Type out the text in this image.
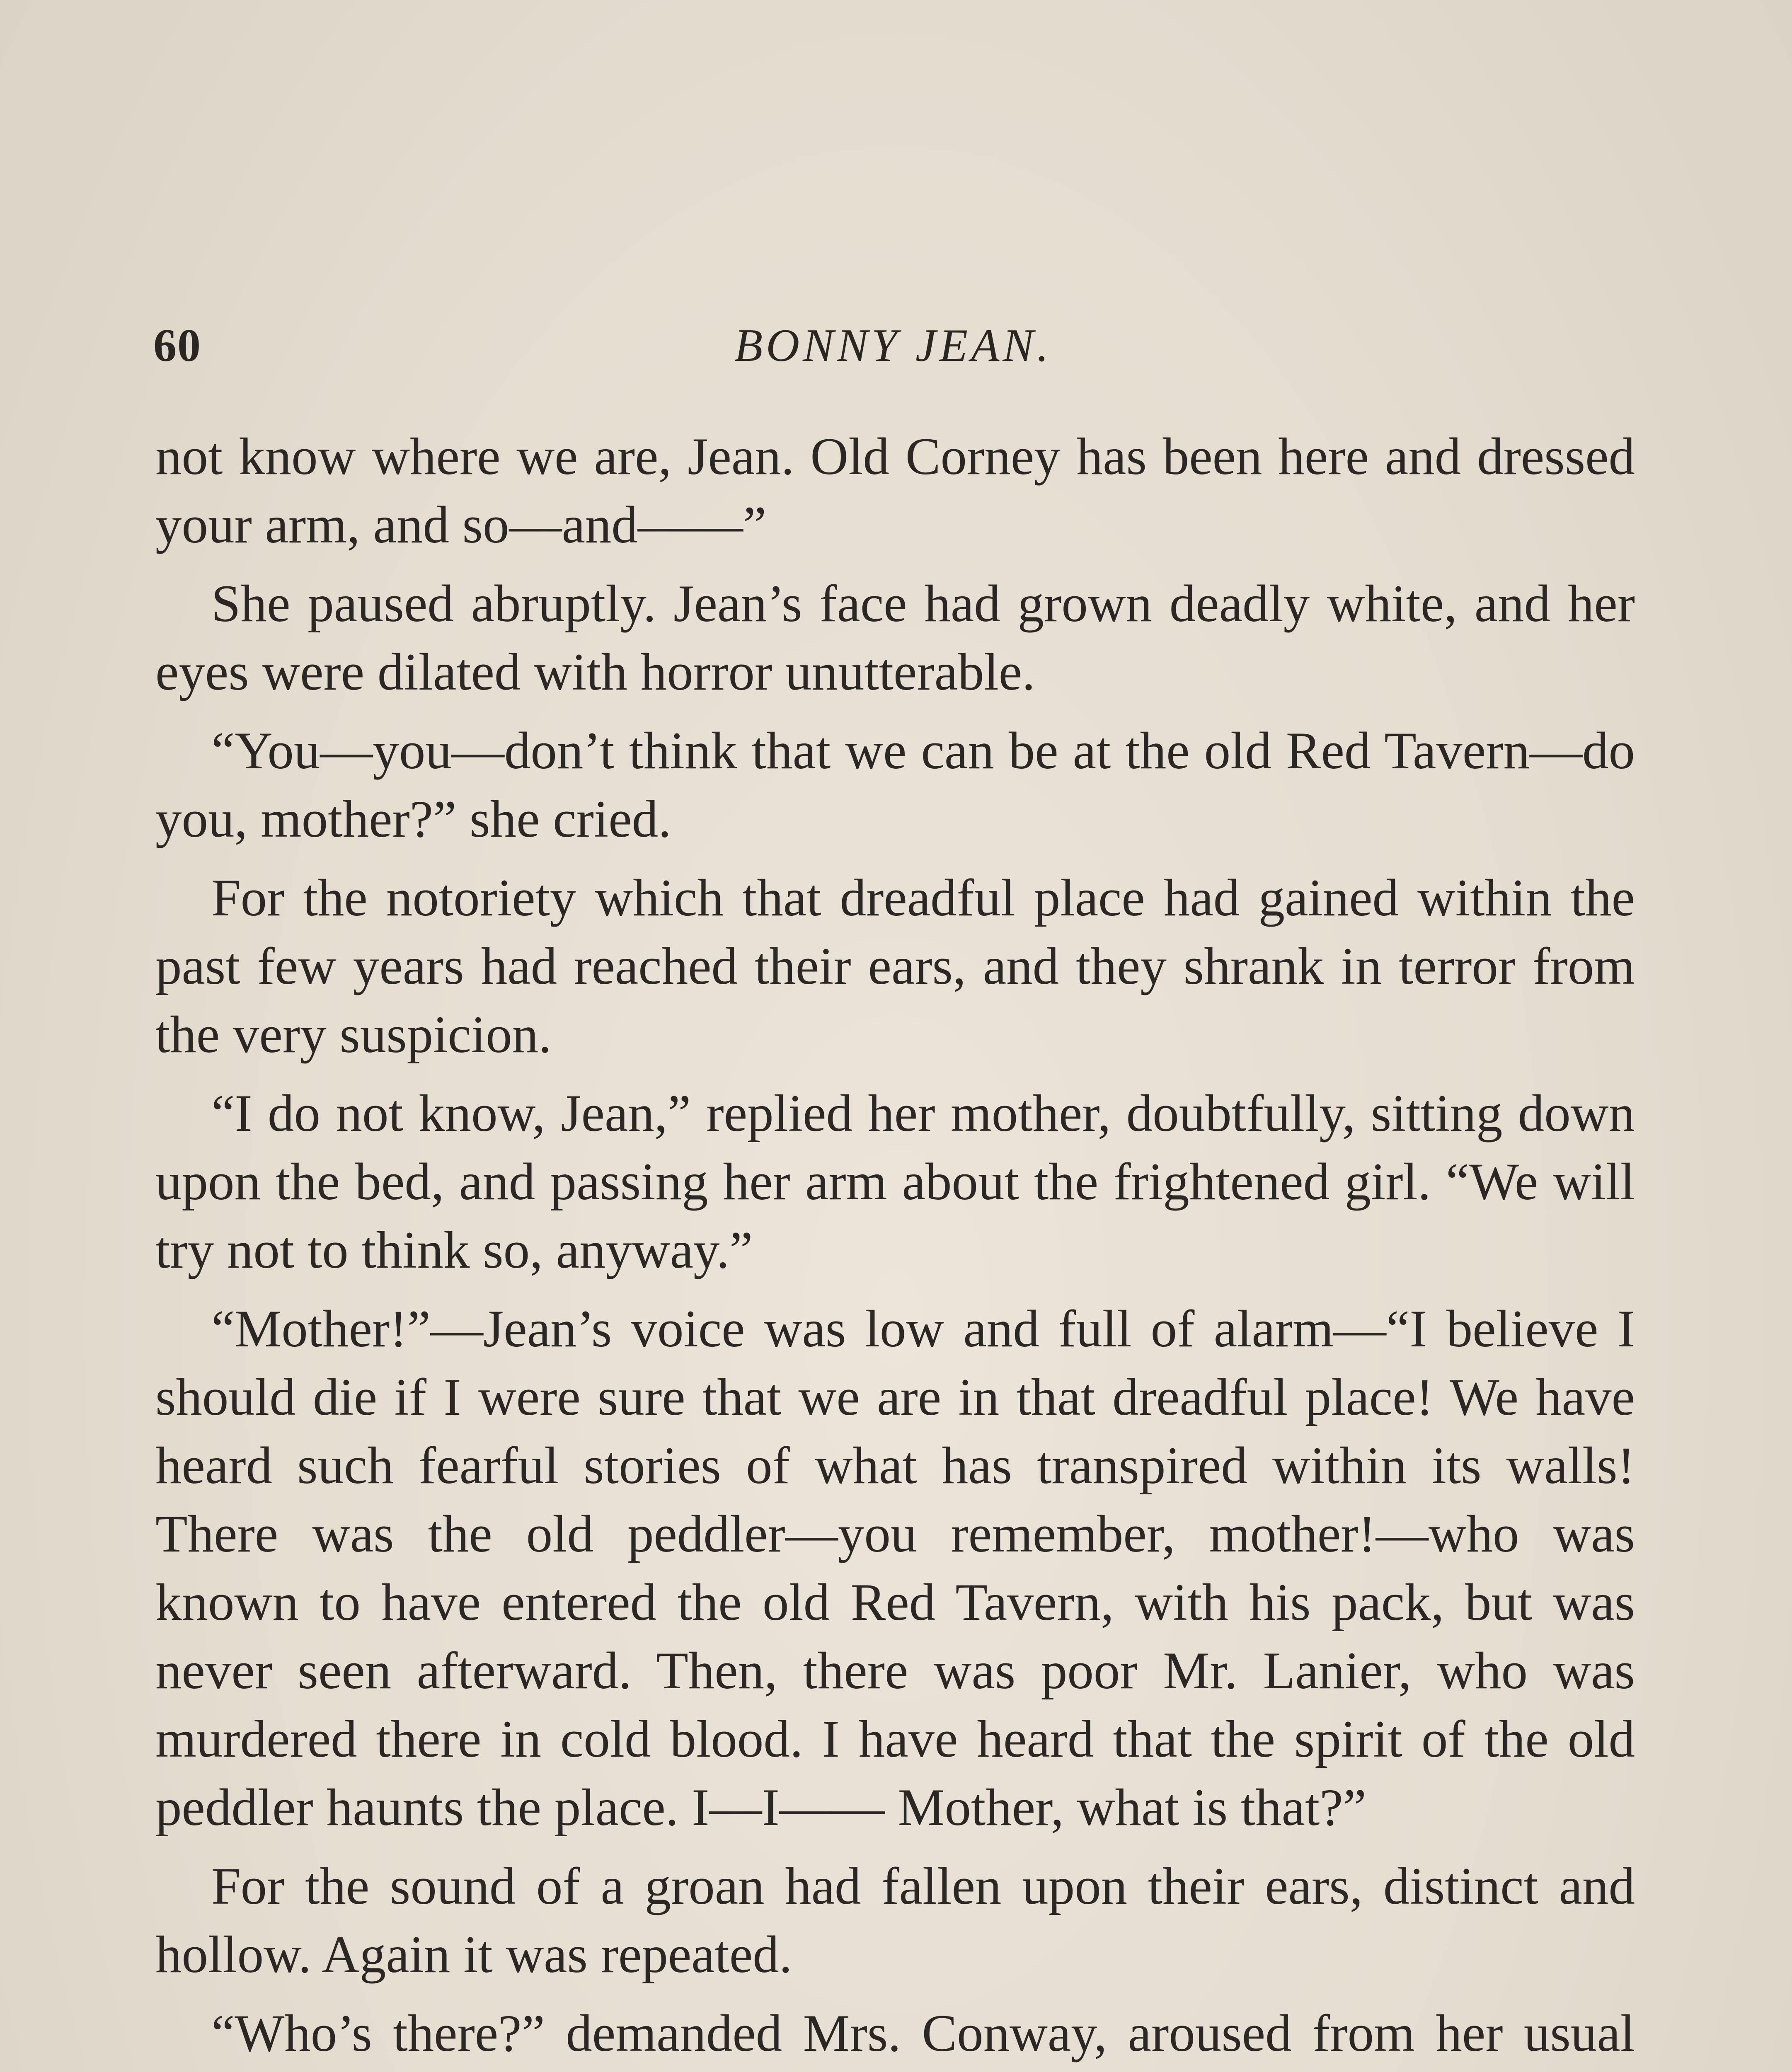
60	BONNY JEAN.

not know where we are, Jean. Old Corney has been here and dressed your arm, and so—and——”

She paused abruptly. Jean’s face had grown deadly white, and her eyes were dilated with horror unutterable.

“You—you—don’t think that we can be at the old Red Tavern—do you, mother?” she cried.

For the notoriety which that dreadful place had gained within the past few years had reached their ears, and they shrank in terror from the very suspicion.

“I do not know, Jean,” replied her mother, doubtfully, sitting down upon the bed, and passing her arm about the frightened girl. “We will try not to think so, anyway.”

“Mother!”—Jean’s voice was low and full of alarm—“I believe I should die if I were sure that we are in that dreadful place! We have heard such fearful stories of what has transpired within its walls! There was the old peddler—you remember, mother!—who was known to have entered the old Red Tavern, with his pack, but was never seen afterward. Then, there was poor Mr. Lanier, who was murdered there in cold blood. I have heard that the spirit of the old peddler haunts the place. I—I—— Mother, what is that?”

For the sound of a groan had fallen upon their ears, distinct and hollow. Again it was repeated.

“Who’s there?” demanded Mrs. Conway, aroused from her usual
